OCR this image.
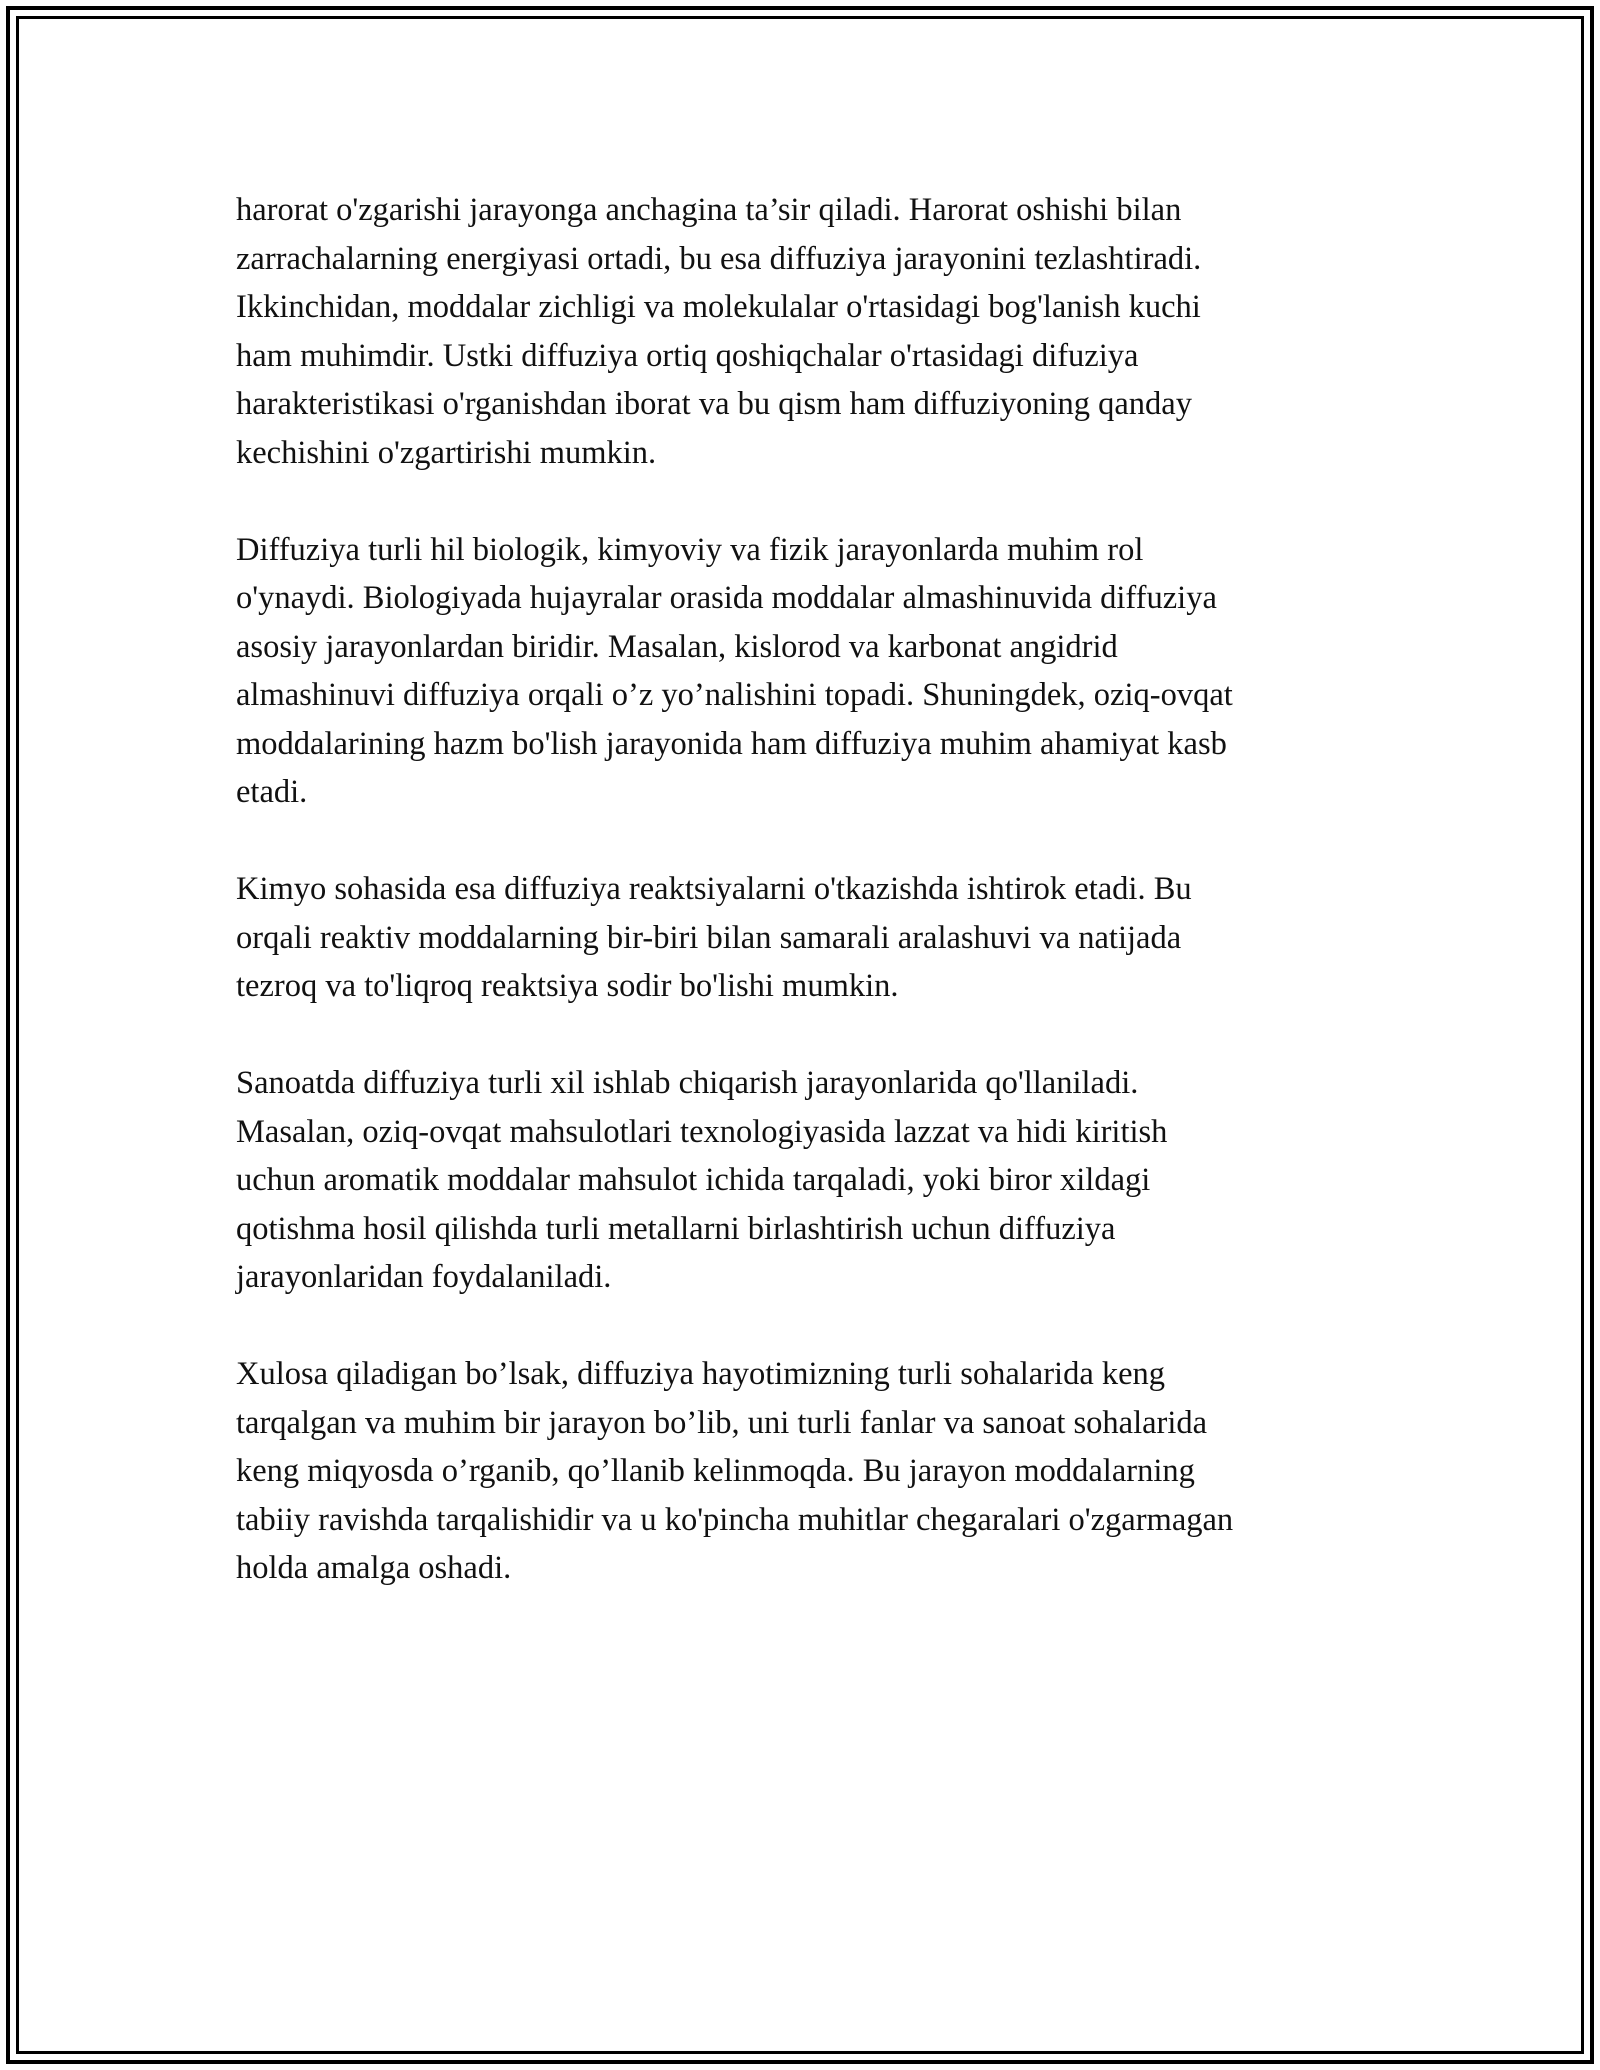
harorat o'zgarishi jarayonga anchagina ta’sir qiladi. Harorat oshishi bilan
zarrachalarning energiyasi ortadi, bu esa diffuziya jarayonini tezlashtiradi.
Ikkinchidan, moddalar zichligi va molekulalar o'rtasidagi bog'lanish kuchi
ham muhimdir. Ustki diffuziya ortiq qoshiqchalar o'rtasidagi difuziya
harakteristikasi o'rganishdan iborat va bu qism ham diffuziyoning qanday
kechishini o'zgartirishi mumkin.

Diffuziya turli hil biologik, kimyoviy va fizik jarayonlarda muhim rol
o'ynaydi. Biologiyada hujayralar orasida moddalar almashinuvida diffuziya
asosiy jarayonlardan biridir. Masalan, kislorod va karbonat angidrid
almashinuvi diffuziya orqali o’z yo’nalishini topadi. Shuningdek, oziq-ovqat
moddalarining hazm bo'lish jarayonida ham diffuziya muhim ahamiyat kasb
etadi.

Kimyo sohasida esa diffuziya reaktsiyalarni o'tkazishda ishtirok etadi. Bu
orqali reaktiv moddalarning bir-biri bilan samarali aralashuvi va natijada
tezroq va to'liqroq reaktsiya sodir bo'lishi mumkin.

Sanoatda diffuziya turli xil ishlab chiqarish jarayonlarida qo'llaniladi.
Masalan, oziq-ovqat mahsulotlari texnologiyasida lazzat va hidi kiritish
uchun aromatik moddalar mahsulot ichida tarqaladi, yoki biror xildagi
qotishma hosil qilishda turli metallarni birlashtirish uchun diffuziya
jarayonlaridan foydalaniladi.

Xulosa qiladigan bo’lsak, diffuziya hayotimizning turli sohalarida keng
tarqalgan va muhim bir jarayon bo’lib, uni turli fanlar va sanoat sohalarida
keng miqyosda o’rganib, qo’llanib kelinmoqda. Bu jarayon moddalarning
tabiiy ravishda tarqalishidir va u ko'pincha muhitlar chegaralari o'zgarmagan
holda amalga oshadi.
